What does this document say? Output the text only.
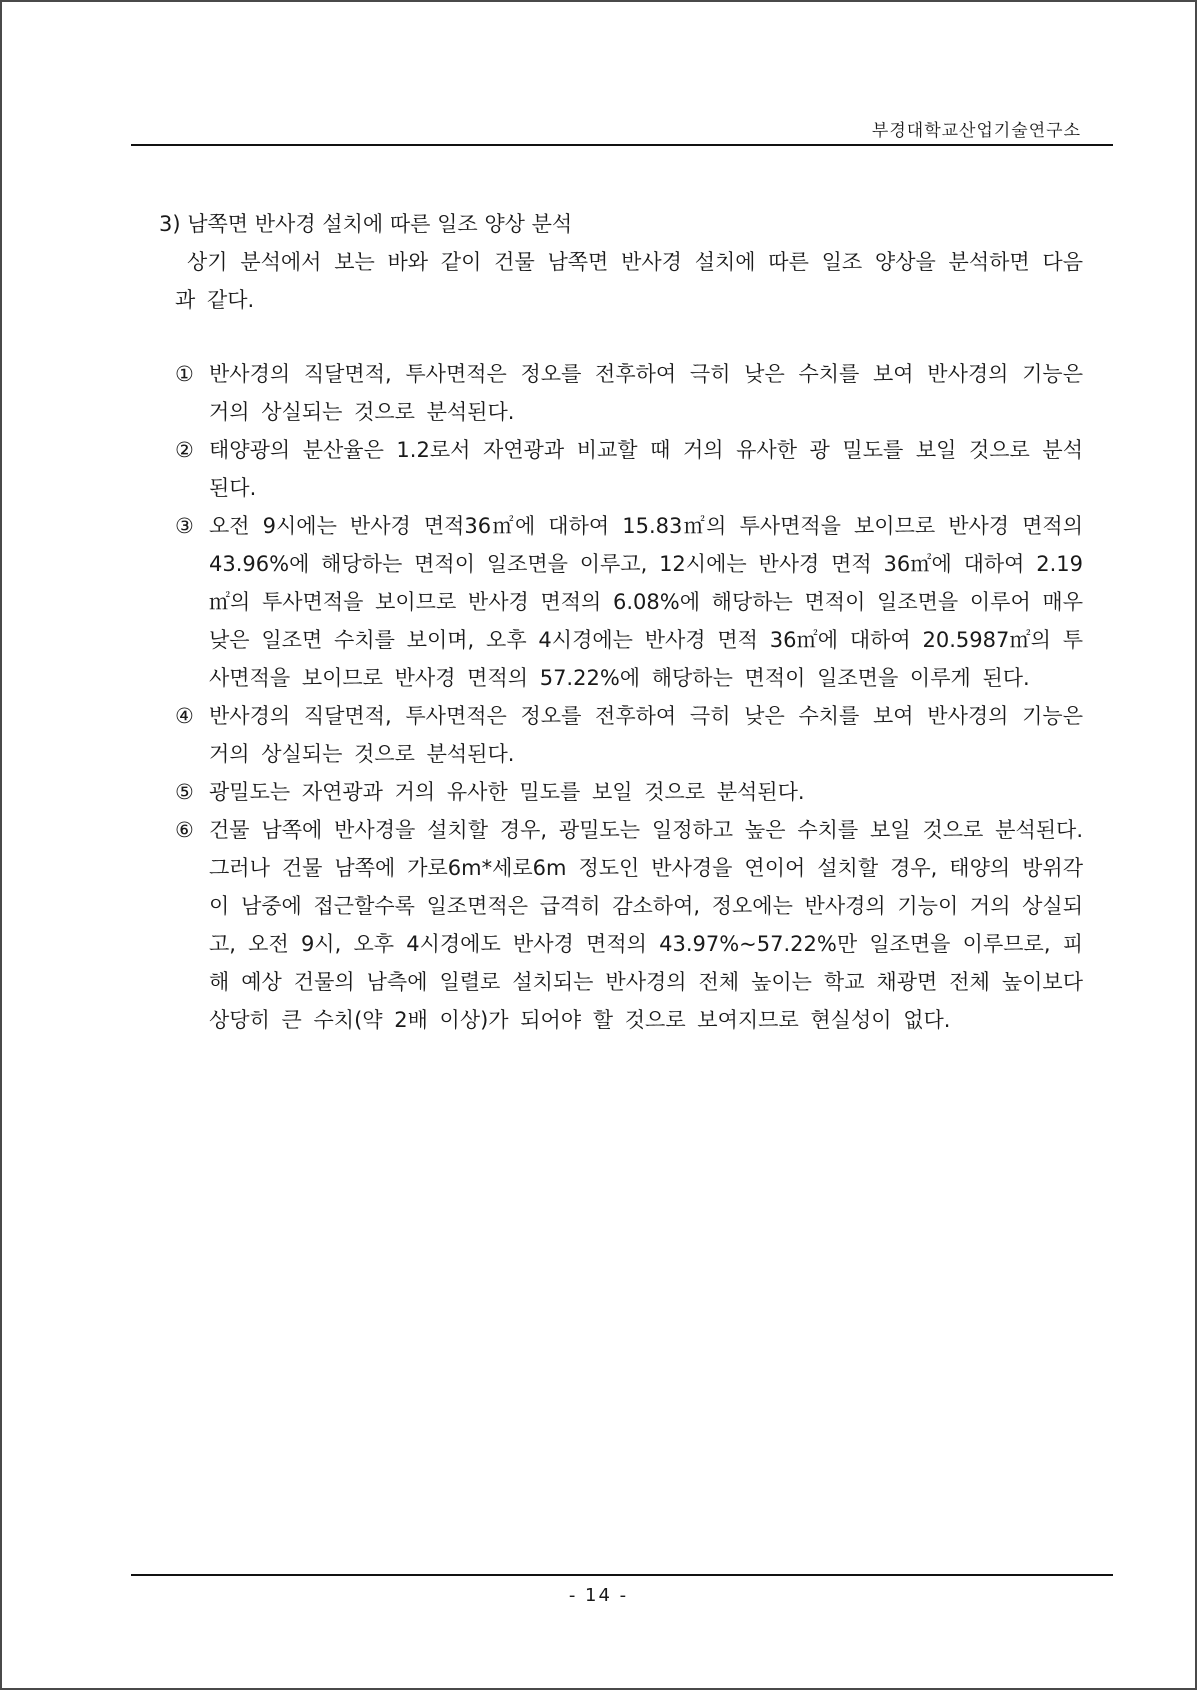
부경대학교산업기술연구소
3) 남쪽면 반사경 설치에 따른 일조 양상 분석
상기 분석에서 보는 바와 같이 건물 남쪽면 반사경 설치에 따른 일조 양상을 분석하면 다음과 같다.
① 반사경의 직달면적, 투사면적은 정오를 전후하여 극히 낮은 수치를 보여 반사경의 기능은 거의 상실되는 것으로 분석된다.
② 태양광의 분산율은 1.2로서 자연광과 비교할 때 거의 유사한 광 밀도를 보일 것으로 분석된다.
③ 오전 9시에는 반사경 면적36㎡에 대하여 15.83㎡의 투사면적을 보이므로 반사경 면적의 43.96%에 해당하는 면적이 일조면을 이루고, 12시에는 반사경 면적 36㎡에 대하여 2.19㎡의 투사면적을 보이므로 반사경 면적의 6.08%에 해당하는 면적이 일조면을 이루어 매우 낮은 일조면 수치를 보이며, 오후 4시경에는 반사경 면적 36㎡에 대하여 20.5987㎡의 투사면적을 보이므로 반사경 면적의 57.22%에 해당하는 면적이 일조면을 이루게 된다.
④ 반사경의 직달면적, 투사면적은 정오를 전후하여 극히 낮은 수치를 보여 반사경의 기능은 거의 상실되는 것으로 분석된다.
⑤ 광밀도는 자연광과 거의 유사한 밀도를 보일 것으로 분석된다.
⑥ 건물 남쪽에 반사경을 설치할 경우, 광밀도는 일정하고 높은 수치를 보일 것으로 분석된다. 그러나 건물 남쪽에 가로6m*세로6m 정도인 반사경을 연이어 설치할 경우, 태양의 방위각이 남중에 접근할수록 일조면적은 급격히 감소하여, 정오에는 반사경의 기능이 거의 상실되고, 오전 9시, 오후 4시경에도 반사경 면적의 43.97%~57.22%만 일조면을 이루므로, 피해 예상 건물의 남측에 일렬로 설치되는 반사경의 전체 높이는 학교 채광면 전체 높이보다 상당히 큰 수치(약 2배 이상)가 되어야 할 것으로 보여지므로 현실성이 없다.
- 14 -
